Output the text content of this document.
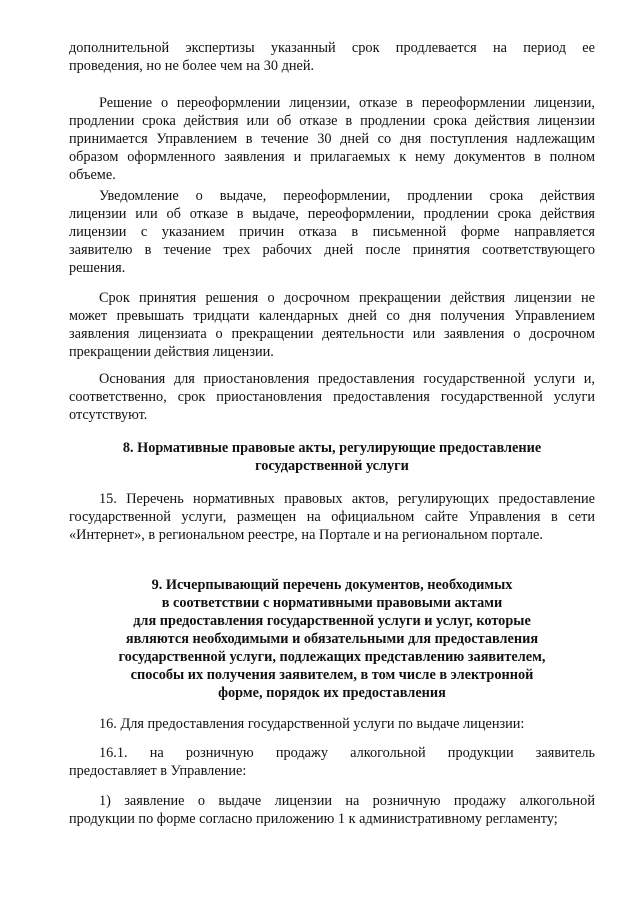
дополнительной экспертизы указанный срок продлевается на период ее
проведения, но не более чем на 30 дней.
Решение о переоформлении лицензии, отказе в переоформлении лицензии,
продлении срока действия или об отказе в продлении срока действия лицензии
принимается Управлением в течение 30 дней со дня поступления надлежащим
образом оформленного заявления и прилагаемых к нему документов в полном
объеме.
Уведомление о выдаче, переоформлении, продлении срока действия
лицензии или об отказе в выдаче, переоформлении, продлении срока действия
лицензии с указанием причин отказа в письменной форме направляется
заявителю в течение трех рабочих дней после принятия соответствующего
решения.
Срок принятия решения о досрочном прекращении действия лицензии не
может превышать тридцати календарных дней со дня получения Управлением
заявления лицензиата о прекращении деятельности или заявления о досрочном
прекращении действия лицензии.
Основания для приостановления предоставления государственной услуги и,
соответственно, срок приостановления предоставления государственной услуги
отсутствуют.
8. Нормативные правовые акты, регулирующие предоставление
государственной услуги
15. Перечень нормативных правовых актов, регулирующих предоставление
государственной услуги, размещен на официальном сайте Управления в сети
«Интернет», в региональном реестре, на Портале и на региональном портале.
9. Исчерпывающий перечень документов, необходимых
в соответствии с нормативными правовыми актами
для предоставления государственной услуги и услуг, которые
являются необходимыми и обязательными для предоставления
государственной услуги, подлежащих представлению заявителем,
способы их получения заявителем, в том числе в электронной
форме, порядок их предоставления
16. Для предоставления государственной услуги по выдаче лицензии:
16.1. на розничную продажу алкогольной продукции заявитель
предоставляет в Управление:
1) заявление о выдаче лицензии на розничную продажу алкогольной
продукции по форме согласно приложению 1 к административному регламенту;
